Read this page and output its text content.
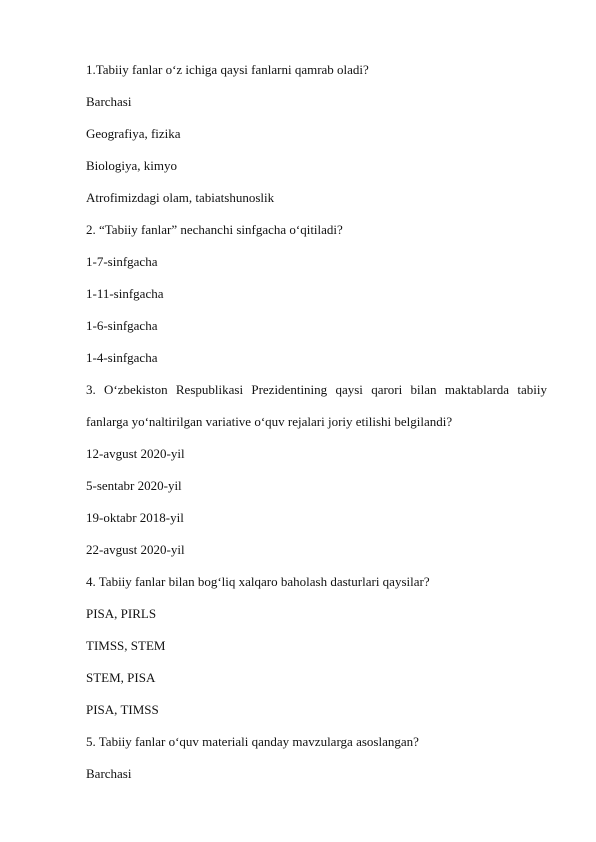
1.Tabiiy fanlar o‘z ichiga qaysi fanlarni qamrab oladi?
Barchasi
Geografiya, fizika
Biologiya, kimyo
Atrofimizdagi olam, tabiatshunoslik
2. “Tabiiy fanlar” nechanchi sinfgacha o‘qitiladi?
1-7-sinfgacha
1-11-sinfgacha
1-6-sinfgacha
1-4-sinfgacha
3. O‘zbekiston Respublikasi Prezidentining qaysi qarori bilan maktablarda tabiiy
fanlarga yo‘naltirilgan variative o‘quv rejalari joriy etilishi belgilandi?
12-avgust 2020-yil
5-sentabr 2020-yil
19-oktabr 2018-yil
22-avgust 2020-yil
4. Tabiiy fanlar bilan bog‘liq xalqaro baholash dasturlari qaysilar?
PISA, PIRLS
TIMSS, STEM
STEM, PISA
PISA, TIMSS
5. Tabiiy fanlar o‘quv materiali qanday mavzularga asoslangan?
Barchasi
